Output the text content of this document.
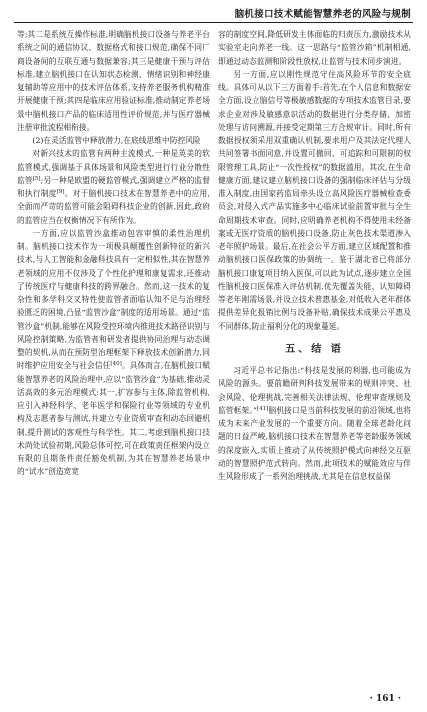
脑机接口技术赋能智慧养老的风险与规制

等;其二是系统互操作标准,明确脑机接口设备与养老平台系统之间的通信协议、数据格式和接口规范,确保不同厂商设备间的互联互通与数据兼容;其三是健康干预与评估标准,建立脑机接口在认知状态检测、情绪识别和神经康复辅助等应用中的技术评估体系,支持养老服务机构精准开展健康干预;其四是临床应用验证标准,推动制定养老场景中脑机接口产品的临床适用性评价规范,并与医疗器械注册审批流程相衔接。

(2)在灵活监管中释放潜力,在底线思维中防控风险

对新兴技术的监管有两种主流模式,一种是英美的软监管模式,强调基于具体场景和风险类型进行行业分散性监管[5];另一种是欧盟的硬监管模式,强调建立严格的监督和执行制度[9]。对于脑机接口技术在智慧养老中的应用,全面而严苛的监管可能会阻碍科技企业的创新,因此,政府的监管应当在权衡情况下有所作为。

一方面,应以监管沙盒推动包容审慎的柔性治理机制。脑机接口技术作为一项极具颠覆性创新特征的新兴技术,与人工智能和金融科技具有一定相似性,其在智慧养老领域的应用不仅涉及了个性化护理和康复需求,还推动了传统医疗与健康科技的跨界融合。然而,这一技术的复杂性和多学科交叉特性使监管者面临认知不足与治理经验匮乏的困境,凸显“监管沙盒”制度的适用场景。通过“监管沙盒”机制,能够在风险受控环境内推进技术路径识别与风险控制策略,为监管者和研发者提供协同治理与动态调整的契机,从而在预防型治理框架下释放技术创新潜力,同时维护应用安全与社会信任[40]。具体而言,在脑机接口赋能智慧养老的风险治理中,应以“监管沙盒”为基础,推动灵活高效的多元治理模式:其一,扩容参与主体,除监管机构,应引入神经科学、老年医学和保险行业等领域的专业机构及志愿者参与测试,并建立专业资质审查和动态回避机制,提升测试的客观性与科学性。其二,考虑到脑机接口技术尚处试验初期,风险总体可控,可在政策责任框架内设立有限的且期条件责任豁免机制,为其在智慧养老场景中的“试水”创造宽宽

容的制度空间,降低研发主体面临的归责压力,激励技术从实验室走向养老一线。这一思路与“监管沙箱”机制相通,即通过动态监测和阶段性放权,让监管与技术同步演进。

另一方面,应以刚性规范守住高风险环节的安全底线。具体可从以下三方面着手:首先,在个人信息和数据安全方面,设立脑信号等极敏感数据的专项技术监管目录,要求企业对涉及敏感意识活动的数据进行分类存储、加密处理与访问溯源,并接受定期第三方合规审计。同时,所有数据授权须采用双重确认机制,要求用户及其法定代理人共同签署书面同意,并设置可撤回、可追踪和可限制的权限管理工具,防止“一次性授权”的数据滥用。其次,在生命健康方面,建议建立脑机接口设备的强制临床评估与分级准入制度,由国家药监局牵头设立高风险医疗器械检查委员会,对侵入式产品实施多中心临床试验前置审批与全生命周期技术审查。同时,应明确养老机构不得使用未经备案或无医疗资质的脑机接口设备,防止灰色技术渠道渗入老年照护场景。最后,在社会公平方面,建立区域配置和推动脑机接口医保政策的协调统一。鉴于湖北省已将部分脑机接口康复项目纳入医保,可以此为试点,逐步建立全国性脑机接口医保准入评估机制,优先覆盖失能、认知障碍等老年刚需场景,并设立技术普惠基金,对低收入老年群体提供差异化报销比例与设备补贴,确保技术成果公平惠及不同群体,防止福利分化的现象蔓延。

五、结 语

习近平总书记指出:“科技是发展的利器,也可能成为风险的源头。要前瞻研判科技发展带来的规则冲突、社会风险、伦理挑战,完善相关法律法规、伦理审查规则及监管框架。”[41]脑机接口是当前科技发展的前沿领域,也将成为未来产业发展的一个重要方向。随着全球老龄化问题的日益严峻,脑机接口技术在智慧养老等老龄服务领域的深度嵌入,实质上推动了从传统照护模式向神经交互驱动的智慧照护范式转向。然而,此项技术的赋能效应与伴生风险形成了一系列治理挑战,尤其是在信息权益保

· 161 ·
